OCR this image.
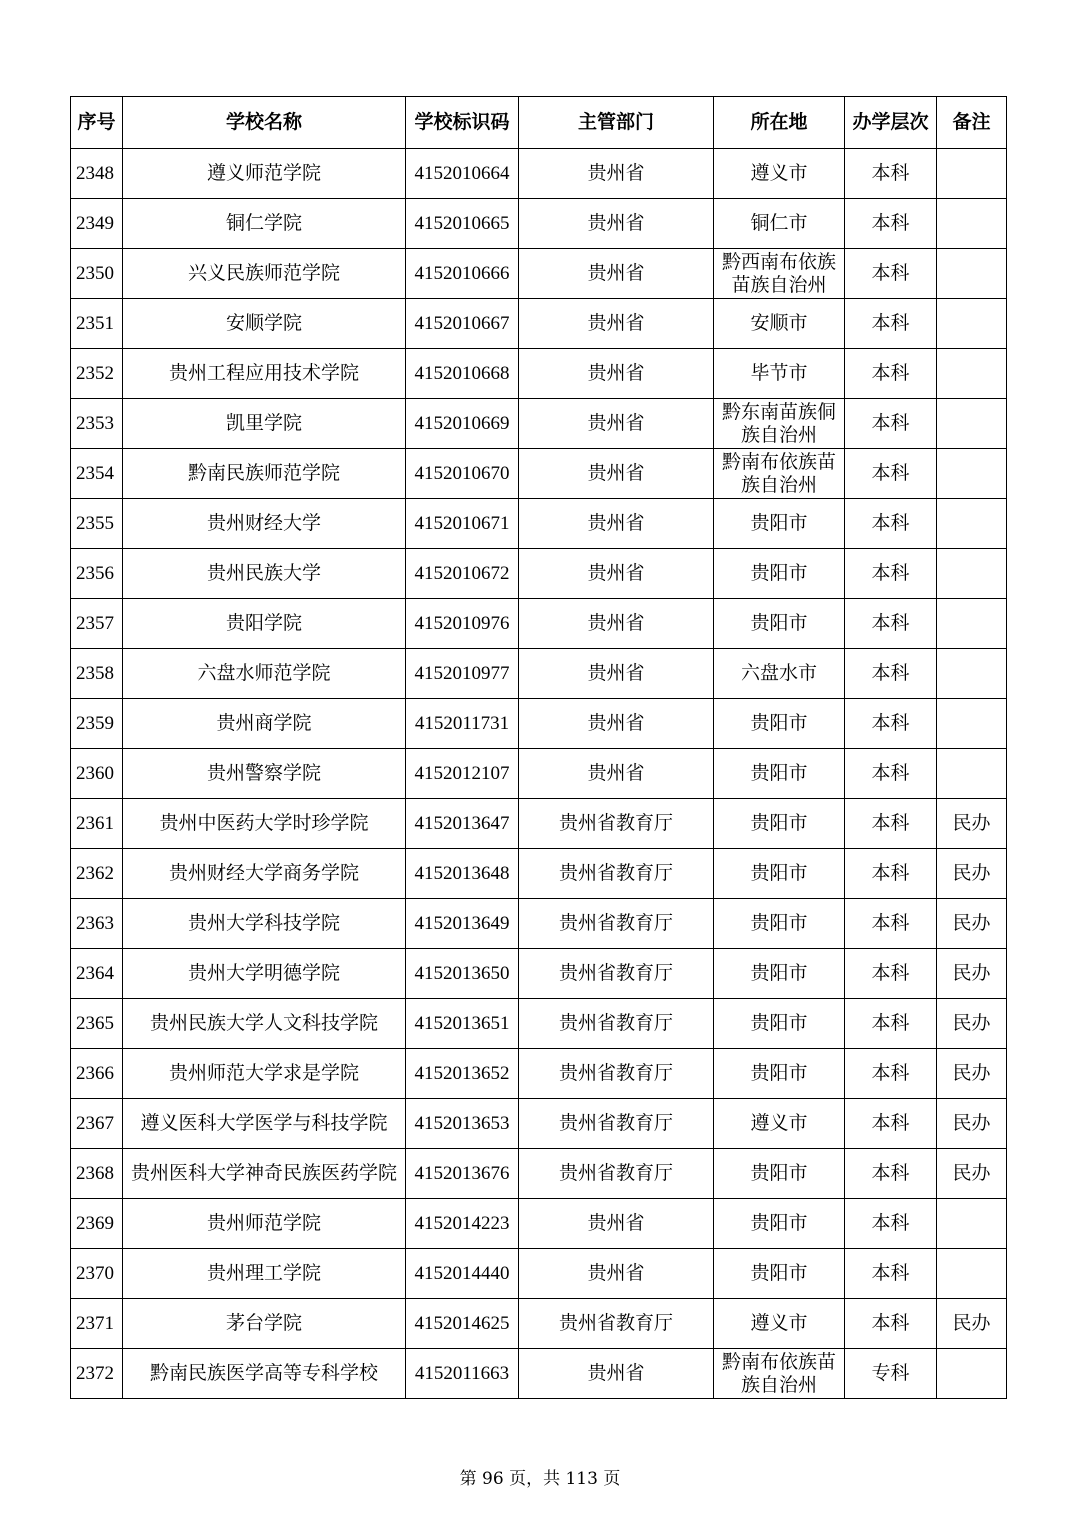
序号	学校名称	学校标识码	主管部门	所在地	办学层次	备注
2348	遵义师范学院	4152010664	贵州省	遵义市	本科	
2349	铜仁学院	4152010665	贵州省	铜仁市	本科	
2350	兴义民族师范学院	4152010666	贵州省	黔西南布依族苗族自治州	本科	
2351	安顺学院	4152010667	贵州省	安顺市	本科	
2352	贵州工程应用技术学院	4152010668	贵州省	毕节市	本科	
2353	凯里学院	4152010669	贵州省	黔东南苗族侗族自治州	本科	
2354	黔南民族师范学院	4152010670	贵州省	黔南布依族苗族自治州	本科	
2355	贵州财经大学	4152010671	贵州省	贵阳市	本科	
2356	贵州民族大学	4152010672	贵州省	贵阳市	本科	
2357	贵阳学院	4152010976	贵州省	贵阳市	本科	
2358	六盘水师范学院	4152010977	贵州省	六盘水市	本科	
2359	贵州商学院	4152011731	贵州省	贵阳市	本科	
2360	贵州警察学院	4152012107	贵州省	贵阳市	本科	
2361	贵州中医药大学时珍学院	4152013647	贵州省教育厅	贵阳市	本科	民办
2362	贵州财经大学商务学院	4152013648	贵州省教育厅	贵阳市	本科	民办
2363	贵州大学科技学院	4152013649	贵州省教育厅	贵阳市	本科	民办
2364	贵州大学明德学院	4152013650	贵州省教育厅	贵阳市	本科	民办
2365	贵州民族大学人文科技学院	4152013651	贵州省教育厅	贵阳市	本科	民办
2366	贵州师范大学求是学院	4152013652	贵州省教育厅	贵阳市	本科	民办
2367	遵义医科大学医学与科技学院	4152013653	贵州省教育厅	遵义市	本科	民办
2368	贵州医科大学神奇民族医药学院	4152013676	贵州省教育厅	贵阳市	本科	民办
2369	贵州师范学院	4152014223	贵州省	贵阳市	本科	
2370	贵州理工学院	4152014440	贵州省	贵阳市	本科	
2371	茅台学院	4152014625	贵州省教育厅	遵义市	本科	民办
2372	黔南民族医学高等专科学校	4152011663	贵州省	黔南布依族苗族自治州	专科	
第 96 页，共 113 页
